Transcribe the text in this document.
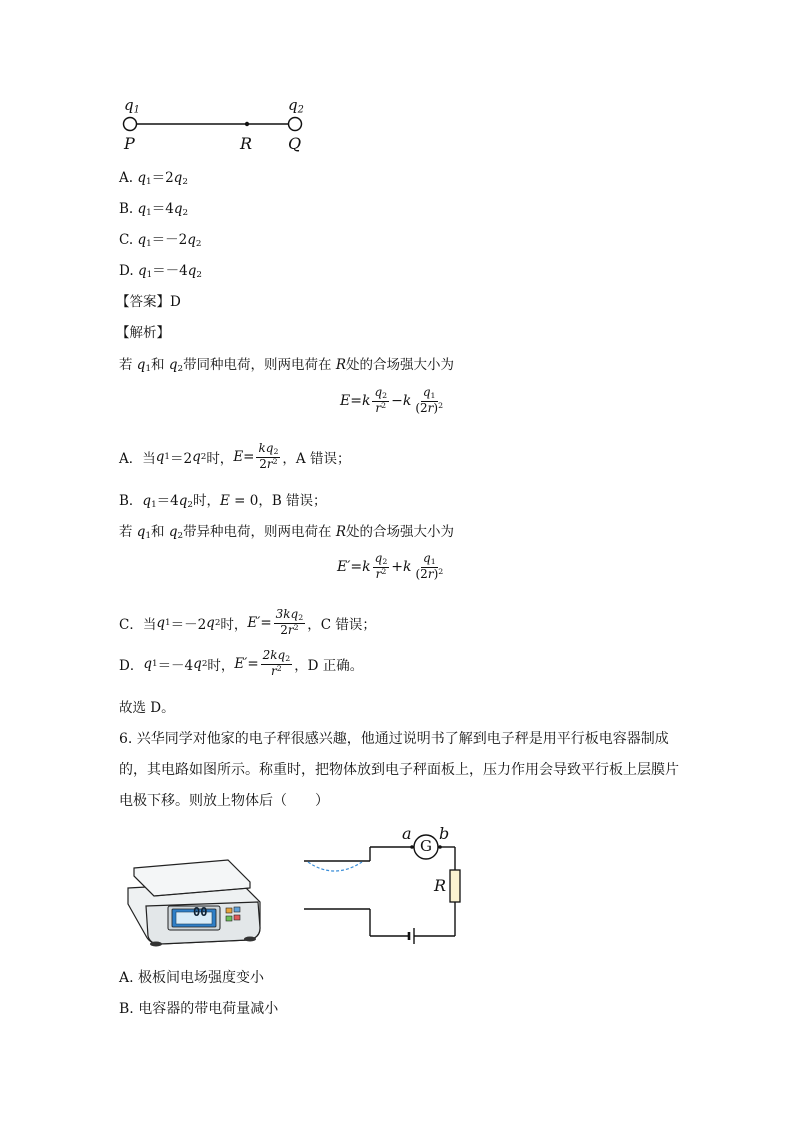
$q_1$	$q_2$
P	R Q
A. $q_1=2q_2$
B. $q_1=4q_2$
C. $q_1=-2q_2$
D. $q_1=-4q_2$
【答案】D
【解析】
若 $q_1$和 $q_2$带同种电荷，则两电荷在 R处的合场强大小为
E = k $\frac{q_2}{r^2} - k \frac{q_1}{(2r)^2}$
A．当 q 1 ＝2 q 2 时， $E = \frac{kq_2}{2r^2}$ ，A 错误；
B．$q_1=4q_2$时，E = 0，B 错误；
若 $q_1$和 $q_2$带异种电荷，则两电荷在 R处的合场强大小为
E′ = k $\frac{q_2}{r^2} + k \frac{q_1}{(2r)^2}$
C．当 q 1 ＝－2 q 2 时， $E' = \frac{3kq_2}{2r^2}$ ，C 错误；
D． q 1 ＝－4 q 2 时， $E' = \frac{2kq_2}{r^2}$ ，D 正确。
故选 D。
6. 兴华同学对他家的电子秤很感兴趣，他通过说明书了解到电子秤是用平行板电容器制成
的，其电路如图所示。称重时，把物体放到电子秤面板上，压力作用会导致平行板上层膜片
电极下移。则放上物体后（　　）
00
a b
G
R
A. 极板间电场强度变小
B. 电容器的带电荷量减小
